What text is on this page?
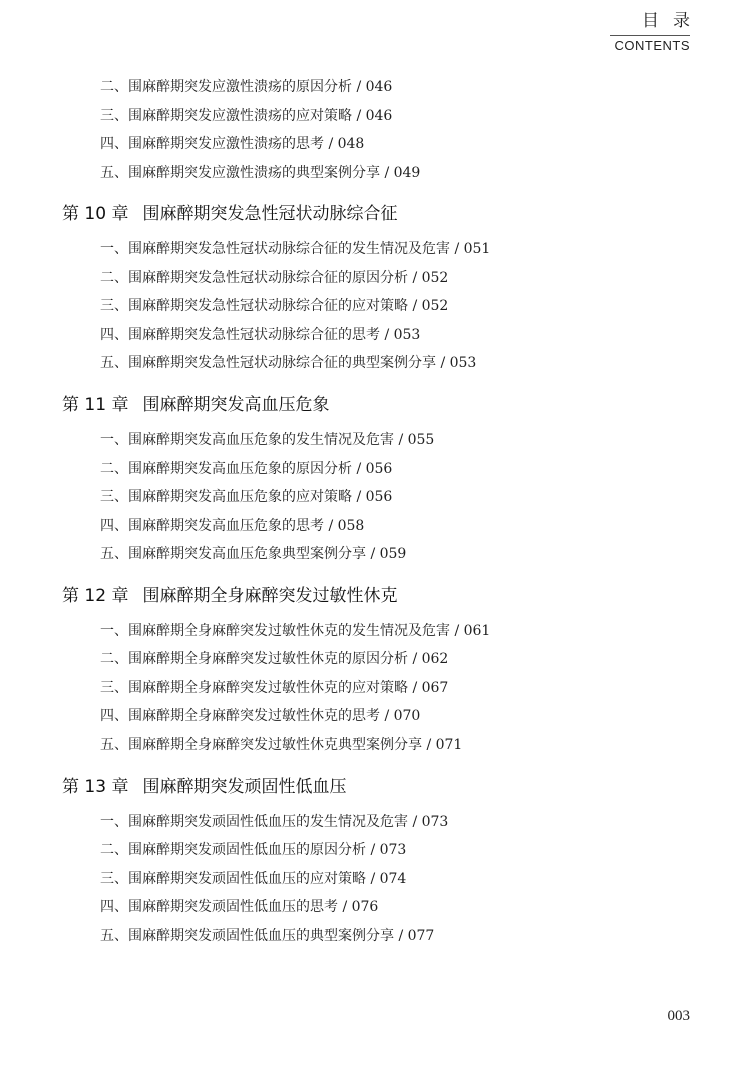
目录
CONTENTS
二、围麻醉期突发应激性溃疡的原因分析 / 046
三、围麻醉期突发应激性溃疡的应对策略 / 046
四、围麻醉期突发应激性溃疡的思考 / 048
五、围麻醉期突发应激性溃疡的典型案例分享 / 049
第 10 章 围麻醉期突发急性冠状动脉综合征
一、围麻醉期突发急性冠状动脉综合征的发生情况及危害 / 051
二、围麻醉期突发急性冠状动脉综合征的原因分析 / 052
三、围麻醉期突发急性冠状动脉综合征的应对策略 / 052
四、围麻醉期突发急性冠状动脉综合征的思考 / 053
五、围麻醉期突发急性冠状动脉综合征的典型案例分享 / 053
第 11 章 围麻醉期突发高血压危象
一、围麻醉期突发高血压危象的发生情况及危害 / 055
二、围麻醉期突发高血压危象的原因分析 / 056
三、围麻醉期突发高血压危象的应对策略 / 056
四、围麻醉期突发高血压危象的思考 / 058
五、围麻醉期突发高血压危象典型案例分享 / 059
第 12 章 围麻醉期全身麻醉突发过敏性休克
一、围麻醉期全身麻醉突发过敏性休克的发生情况及危害 / 061
二、围麻醉期全身麻醉突发过敏性休克的原因分析 / 062
三、围麻醉期全身麻醉突发过敏性休克的应对策略 / 067
四、围麻醉期全身麻醉突发过敏性休克的思考 / 070
五、围麻醉期全身麻醉突发过敏性休克典型案例分享 / 071
第 13 章 围麻醉期突发顽固性低血压
一、围麻醉期突发顽固性低血压的发生情况及危害 / 073
二、围麻醉期突发顽固性低血压的原因分析 / 073
三、围麻醉期突发顽固性低血压的应对策略 / 074
四、围麻醉期突发顽固性低血压的思考 / 076
五、围麻醉期突发顽固性低血压的典型案例分享 / 077
003
